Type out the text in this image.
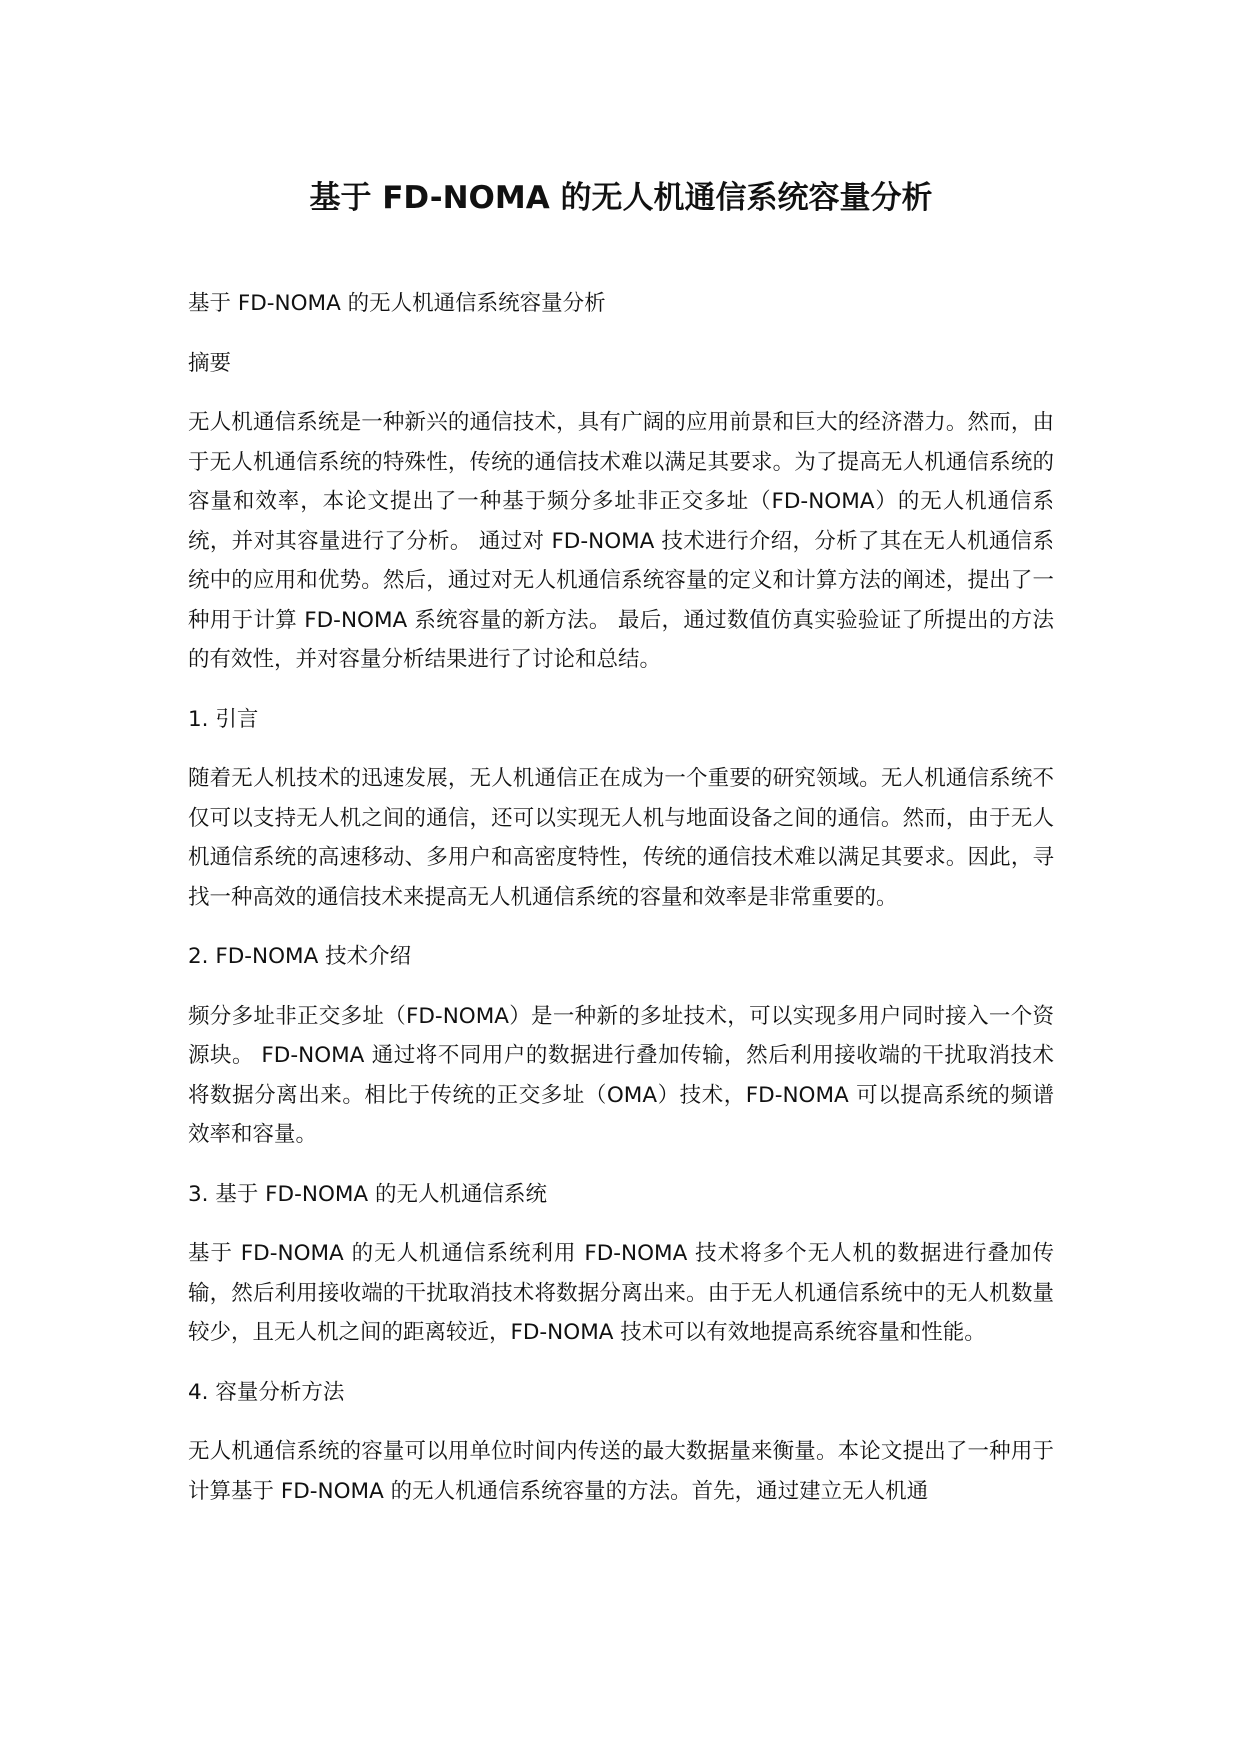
基于 FD-NOMA 的无人机通信系统容量分析

基于 FD-NOMA 的无人机通信系统容量分析

摘要

无人机通信系统是一种新兴的通信技术，具有广阔的应用前景和巨大的经济潜力。然而，由于无人机通信系统的特殊性，传统的通信技术难以满足其要求。为了提高无人机通信系统的容量和效率，本论文提出了一种基于频分多址非正交多址（FD-NOMA）的无人机通信系统，并对其容量进行了分析。 通过对 FD-NOMA 技术进行介绍，分析了其在无人机通信系统中的应用和优势。然后，通过对无人机通信系统容量的定义和计算方法的阐述，提出了一种用于计算 FD-NOMA 系统容量的新方法。 最后，通过数值仿真实验验证了所提出的方法的有效性，并对容量分析结果进行了讨论和总结。

1. 引言

随着无人机技术的迅速发展，无人机通信正在成为一个重要的研究领域。无人机通信系统不仅可以支持无人机之间的通信，还可以实现无人机与地面设备之间的通信。然而，由于无人机通信系统的高速移动、多用户和高密度特性，传统的通信技术难以满足其要求。因此，寻找一种高效的通信技术来提高无人机通信系统的容量和效率是非常重要的。

2. FD-NOMA 技术介绍

频分多址非正交多址（FD-NOMA）是一种新的多址技术，可以实现多用户同时接入一个资源块。 FD-NOMA 通过将不同用户的数据进行叠加传输，然后利用接收端的干扰取消技术将数据分离出来。相比于传统的正交多址（OMA）技术，FD-NOMA 可以提高系统的频谱效率和容量。

3. 基于 FD-NOMA 的无人机通信系统

基于 FD-NOMA 的无人机通信系统利用 FD-NOMA 技术将多个无人机的数据进行叠加传输，然后利用接收端的干扰取消技术将数据分离出来。由于无人机通信系统中的无人机数量较少，且无人机之间的距离较近，FD-NOMA 技术可以有效地提高系统容量和性能。

4. 容量分析方法

无人机通信系统的容量可以用单位时间内传送的最大数据量来衡量。本论文提出了一种用于计算基于 FD-NOMA 的无人机通信系统容量的方法。首先，通过建立无人机通
